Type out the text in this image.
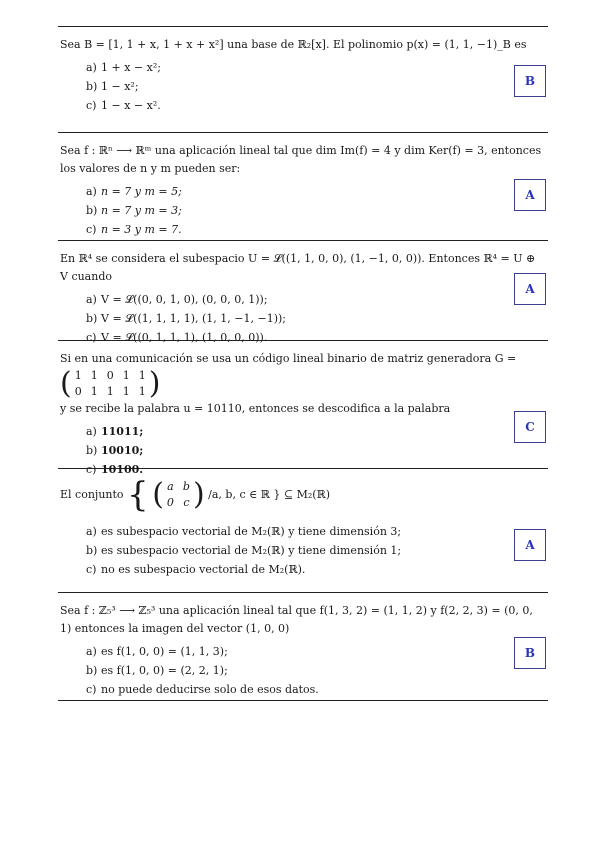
Sea B = [1, 1 + x, 1 + x + x²] una base de ℝ₂[x]. El polinomio p(x) = (1, 1, −1)_B es
a) 1 + x − x²;
b) 1 − x²;
c) 1 − x − x².
B
Sea f : ℝⁿ ⟶ ℝᵐ una aplicación lineal tal que dim Im(f) = 4 y dim Ker(f) = 3, entonces los valores de n y m pueden ser:
a) n = 7 y m = 5;
b) n = 7 y m = 3;
c) n = 3 y m = 7.
A
En ℝ⁴ se considera el subespacio U = 𝓛((1, 1, 0, 0), (1, −1, 0, 0)). Entonces ℝ⁴ = U ⊕ V cuando
a) V = 𝓛((0, 0, 1, 0), (0, 0, 0, 1));
b) V = 𝓛((1, 1, 1, 1), (1, 1, −1, −1));
c) V = 𝓛((0, 1, 1, 1), (1, 0, 0, 0)).
A
Si en una comunicación se usa un código lineal binario de matriz generadora G =
( 1 1 0 1 1
0 1 1 1 1 )

y se recibe la palabra u = 10110, entonces se descodifica a la palabra
a) 11011;
b) 10010;
c) 10100.
C
El conjunto { ( a b
0 c ) /a, b, c ∈ ℝ } ⊆ M₂(ℝ)
a) es subespacio vectorial de M₂(ℝ) y tiene dimensión 3;
b) es subespacio vectorial de M₂(ℝ) y tiene dimensión 1;
c) no es subespacio vectorial de M₂(ℝ).
A
Sea f : ℤ₅³ ⟶ ℤ₅³ una aplicación lineal tal que f(1, 3, 2) = (1, 1, 2) y f(2, 2, 3) = (0, 0, 1) entonces la imagen del vector (1, 0, 0)
a) es f(1, 0, 0) = (1, 1, 3);
b) es f(1, 0, 0) = (2, 2, 1);
c) no puede deducirse solo de esos datos.
B
